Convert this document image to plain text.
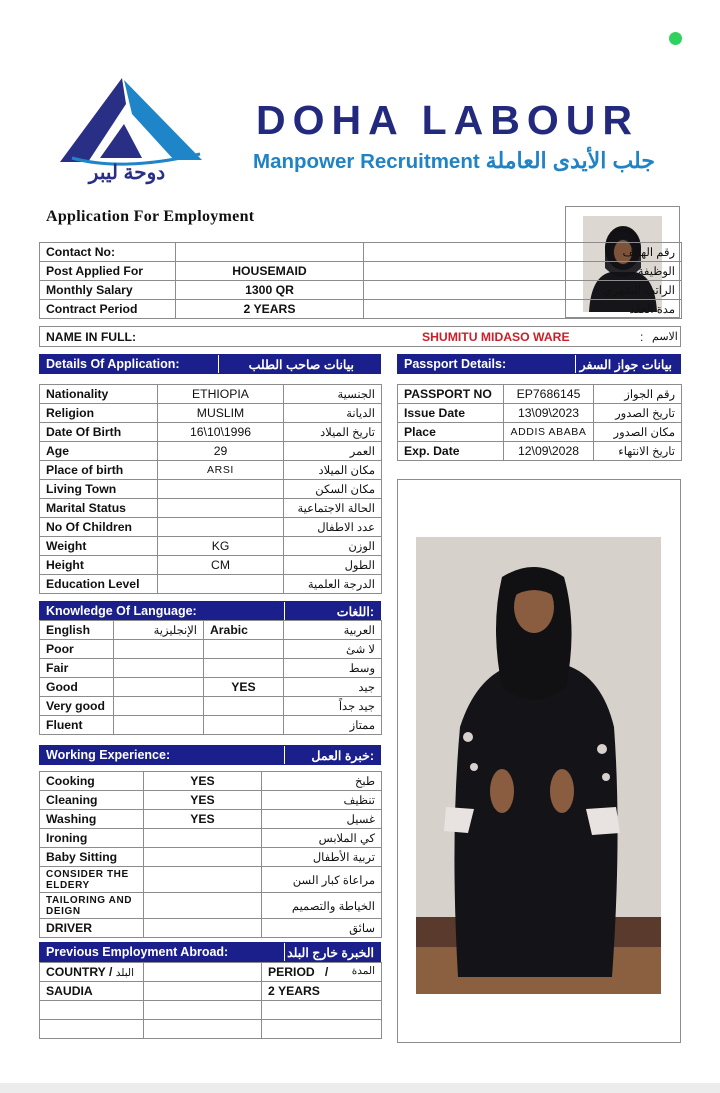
دوحة ليبر
DOHA LABOUR
Manpower Recruitment جلب الأيدى العاملة
Application For Employment
Contact No:		رقم الهاتف
Post Applied For	HOUSEMAID	الوظيفة
Monthly Salary	1300 QR	الراتب الشهري
Contract Period	2 YEARS	مدة العقد
NAME IN FULL:	SHUMITU MIDASO WARE	: الاسم
Details Of Application:	بيانات صاحب الطلب	Passport Details:	بيانات جواز السفر
Nationality	ETHIOPIA	الجنسية
Religion	MUSLIM	الديانة
Date Of Birth	16\10\1996	تاريخ الميلاد
Age	29	العمر
Place of birth	ARSI	مكان الميلاد
Living Town		مكان السكن
Marital Status		الحالة الاجتماعية
No Of Children		عدد الاطفال
Weight	KG	الوزن
Height	CM	الطول
Education Level		الدرجة العلمية
PASSPORT NO	EP7686145	رقم الجواز
Issue Date	13\09\2023	تاريخ الصدور
Place	ADDIS ABABA	مكان الصدور
Exp. Date	12\09\2028	تاريخ الانتهاء
Knowledge Of Language:	اللغات:
English	الإنجليزية	Arabic	العربية
Poor			لا شئ
Fair			وسط
Good		YES	جيد
Very good			جيد جداً
Fluent			ممتاز
Working Experience:	خبرة العمل:
Cooking	YES	طبخ
Cleaning	YES	تنظيف
Washing	YES	غسيل
Ironing		كي الملابس
Baby Sitting		تربية الأطفال
CONSIDER THE ELDERY		مراعاة كبار السن
TAILORING AND DEIGN		الخياطة والتصميم
DRIVER		سائق
Previous Employment Abroad:	الخبرة خارج البلد
COUNTRY / البلد		PERIOD   / المدة

SAUDIA		2 YEARS
